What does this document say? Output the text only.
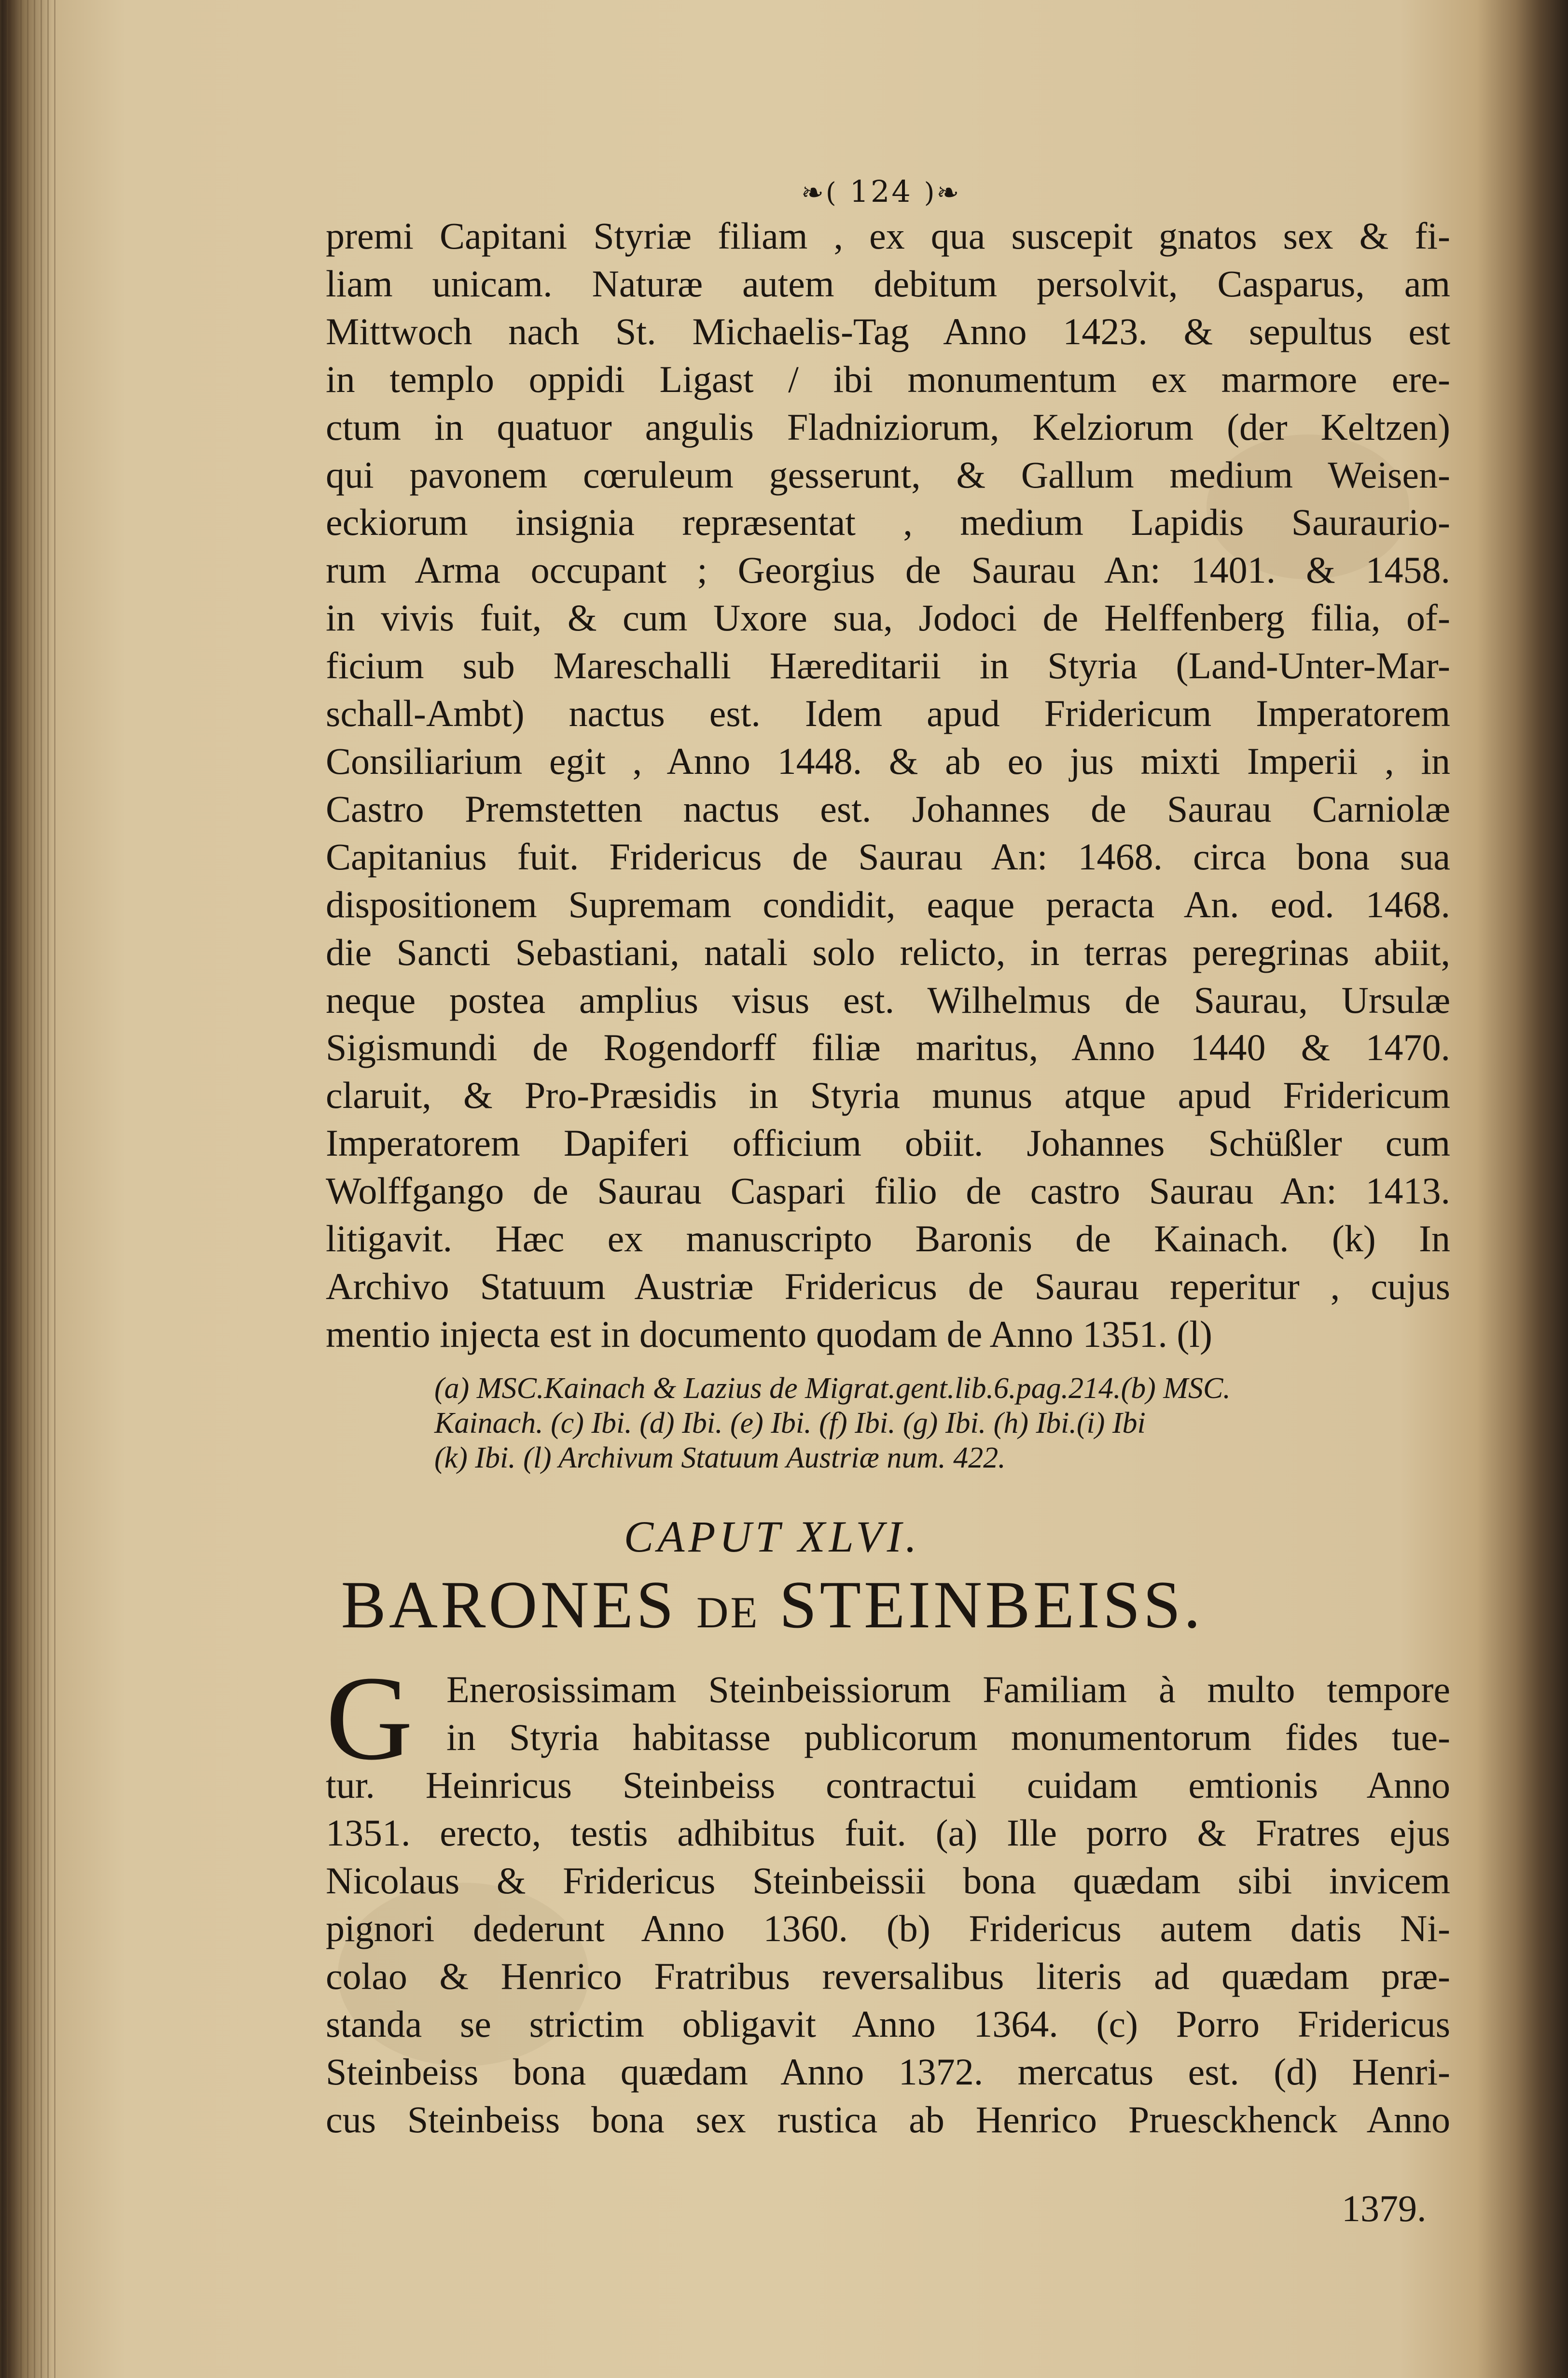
❧( 124 )❧
premi Capitani Styriæ filiam , ex qua suscepit gnatos sex & fi-
liam unicam. Naturæ autem debitum persolvit, Casparus, am
Mittwoch nach St. Michaelis-Tag Anno 1423. & sepultus est
in templo oppidi Ligast / ibi monumentum ex marmore ere-
ctum in quatuor angulis Fladniziorum, Kelziorum (der Keltzen)
qui pavonem cœruleum gesserunt, & Gallum medium Weisen-
eckiorum insignia repræsentat , medium Lapidis Saurauriо-
rum Arma occupant ; Georgius de Saurau An: 1401. & 1458.
in vivis fuit, & cum Uxore sua, Jodoci de Helffenberg filia, of-
ficium sub Mareschalli Hæreditarii in Styria (Land-Unter-Mar-
schall-Ambt) nactus est. Idem apud Fridericum Imperatorem
Consiliarium egit , Anno 1448. & ab eo jus mixti Imperii , in
Castro Premstetten nactus est. Johannes de Saurau Carniolæ
Capitanius fuit. Fridericus de Saurau An: 1468. circa bona sua
dispositionem Supremam condidit, eaque peracta An. eod. 1468.
die Sancti Sebastiani, natali solo relicto, in terras peregrinas abiit,
neque postea amplius visus est. Wilhelmus de Saurau, Ursulæ
Sigismundi de Rogendorff filiæ maritus, Anno 1440 & 1470.
claruit, & Pro-Præsidis in Styria munus atque apud Fridericum
Imperatorem Dapiferi officium obiit. Johannes Schüßler cum
Wolffgango de Saurau Caspari filio de castro Saurau An: 1413.
litigavit. Hæc ex manuscripto Baronis de Kainach. (k) In
Archivo Statuum Austriæ Fridericus de Saurau reperitur , cujus
mentio injecta est in documento quodam de Anno 1351. (l)
(a) MSC.Kainach & Lazius de Migrat.gent.lib.6.pag.214.(b) MSC.
Kainach. (c) Ibi. (d) Ibi. (e) Ibi. (f) Ibi. (g) Ibi. (h) Ibi.(i) Ibi
(k) Ibi. (l) Archivum Statuum Austriæ num. 422.
CAPUT XLVI.
BARONES DE STEINBEISS.
G Enerosissimam Steinbeissiorum Familiam à multo tempore
in Styria habitasse publicorum monumentorum fides tue-
tur. Heinricus Steinbeiss contractui cuidam emtionis Anno
1351. erecto, testis adhibitus fuit. (a) Ille porro & Fratres ejus
Nicolaus & Fridericus Steinbeissii bona quædam sibi invicem
pignori dederunt Anno 1360. (b) Fridericus autem datis Ni-
colao & Henrico Fratribus reversalibus literis ad quædam præ-
standa se strictim obligavit Anno 1364. (c) Porro Fridericus
Steinbeiss bona quædam Anno 1372. mercatus est. (d) Henri-
cus Steinbeiss bona sex rustica ab Henrico Pruesckhenck Anno
1379.
